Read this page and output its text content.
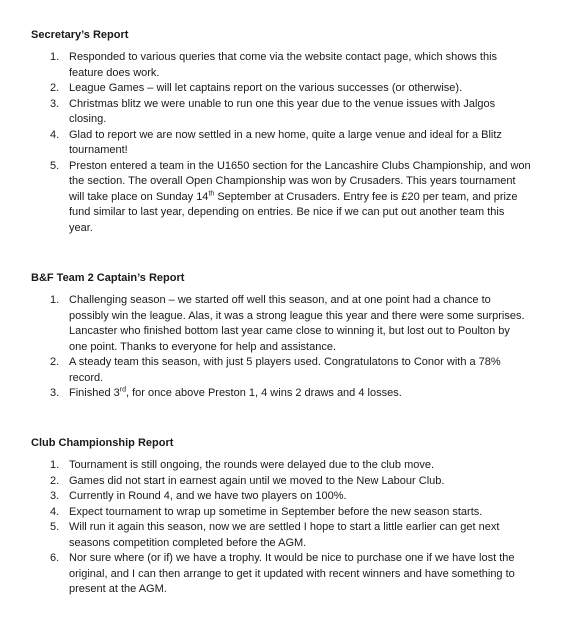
Secretary’s Report
1. Responded to various queries that come via the website contact page, which shows this feature does work.
2. League Games – will let captains report on the various successes (or otherwise).
3. Christmas blitz we were unable to run one this year due to the venue issues with Jalgos closing.
4. Glad to report we are now settled in a new home, quite a large venue and ideal for a Blitz tournament!
5. Preston entered a team in the U1650 section for the Lancashire Clubs Championship, and won the section. The overall Open Championship was won by Crusaders. This years tournament will take place on Sunday 14th September at Crusaders. Entry fee is £20 per team, and prize fund similar to last year, depending on entries. Be nice if we can put out another team this year.
B&F Team 2 Captain’s Report
1. Challenging season – we started off well this season, and at one point had a chance to possibly win the league. Alas, it was a strong league this year and there were some surprises. Lancaster who finished bottom last year came close to winning it, but lost out to Poulton by one point. Thanks to everyone for help and assistance.
2. A steady team this season, with just 5 players used. Congratulatons to Conor with a 78% record.
3. Finished 3rd, for once above Preston 1, 4 wins 2 draws and 4 losses.
Club Championship Report
1. Tournament is still ongoing, the rounds were delayed due to the club move.
2. Games did not start in earnest again until we moved to the New Labour Club.
3. Currently in Round 4, and we have two players on 100%.
4. Expect tournament to wrap up sometime in September before the new season starts.
5. Will run it again this season, now we are settled I hope to start a little earlier can get next seasons competition completed before the AGM.
6. Nor sure where (or if) we have a trophy. It would be nice to purchase one if we have lost the original, and I can then arrange to get it updated with recent winners and have something to present at the AGM.
